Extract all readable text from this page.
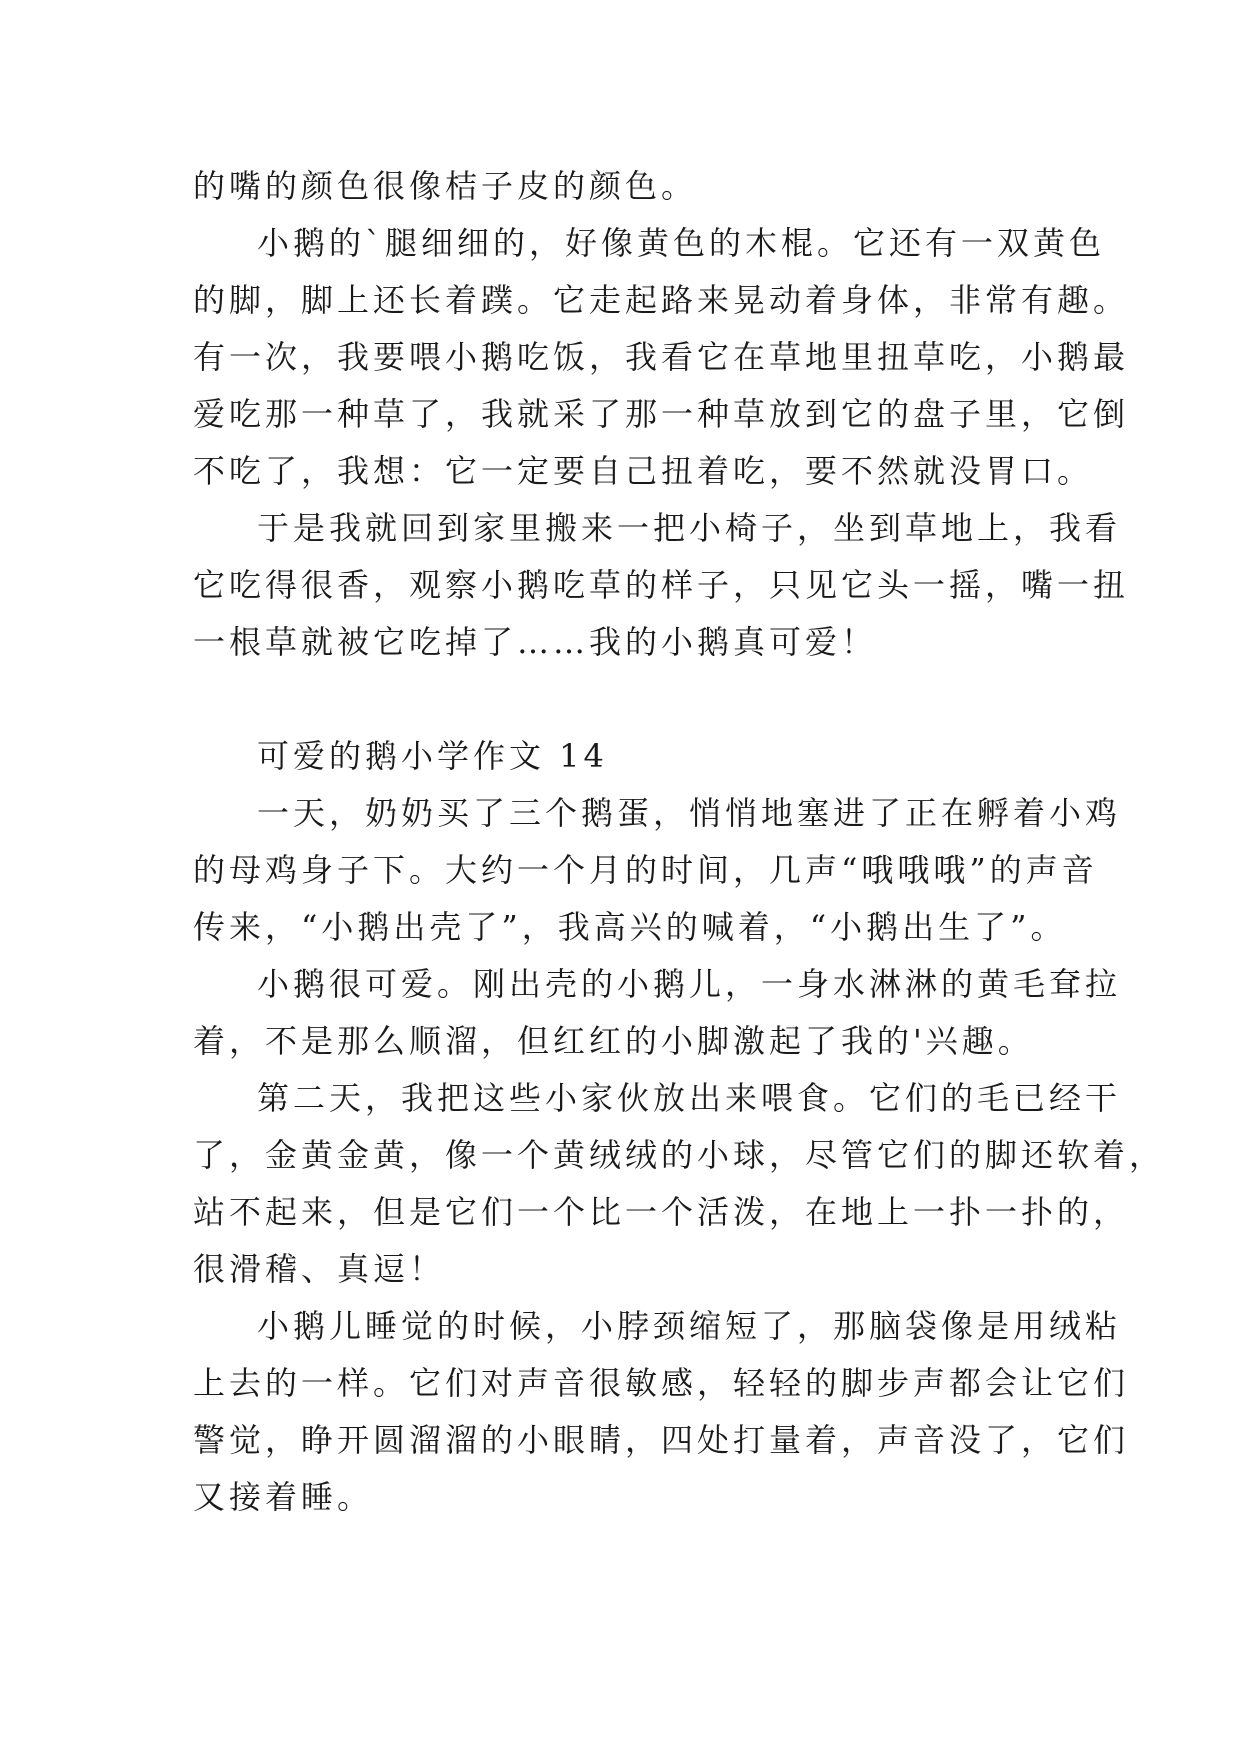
的嘴的颜色很像桔子皮的颜色。

小鹅的`腿细细的，好像黄色的木棍。它还有一双黄色

的脚，脚上还长着蹼。它走起路来晃动着身体，非常有趣。

有一次，我要喂小鹅吃饭，我看它在草地里扭草吃，小鹅最

爱吃那一种草了，我就采了那一种草放到它的盘子里，它倒

不吃了，我想：它一定要自己扭着吃，要不然就没胃口。

于是我就回到家里搬来一把小椅子，坐到草地上，我看

它吃得很香，观察小鹅吃草的样子，只见它头一摇，嘴一扭

一根草就被它吃掉了……我的小鹅真可爱！

可爱的鹅小学作文 14

一天，奶奶买了三个鹅蛋，悄悄地塞进了正在孵着小鸡

的母鸡身子下。大约一个月的时间，几声“哦哦哦”的声音

传来，“小鹅出壳了”，我高兴的喊着，“小鹅出生了”。

小鹅很可爱。刚出壳的小鹅儿，一身水淋淋的黄毛耷拉

着，不是那么顺溜，但红红的小脚激起了我的'兴趣。

第二天，我把这些小家伙放出来喂食。它们的毛已经干

了，金黄金黄，像一个黄绒绒的小球，尽管它们的脚还软着，

站不起来，但是它们一个比一个活泼，在地上一扑一扑的，

很滑稽、真逗！

小鹅儿睡觉的时候，小脖颈缩短了，那脑袋像是用绒粘

上去的一样。它们对声音很敏感，轻轻的脚步声都会让它们

警觉，睁开圆溜溜的小眼睛，四处打量着，声音没了，它们

又接着睡。
